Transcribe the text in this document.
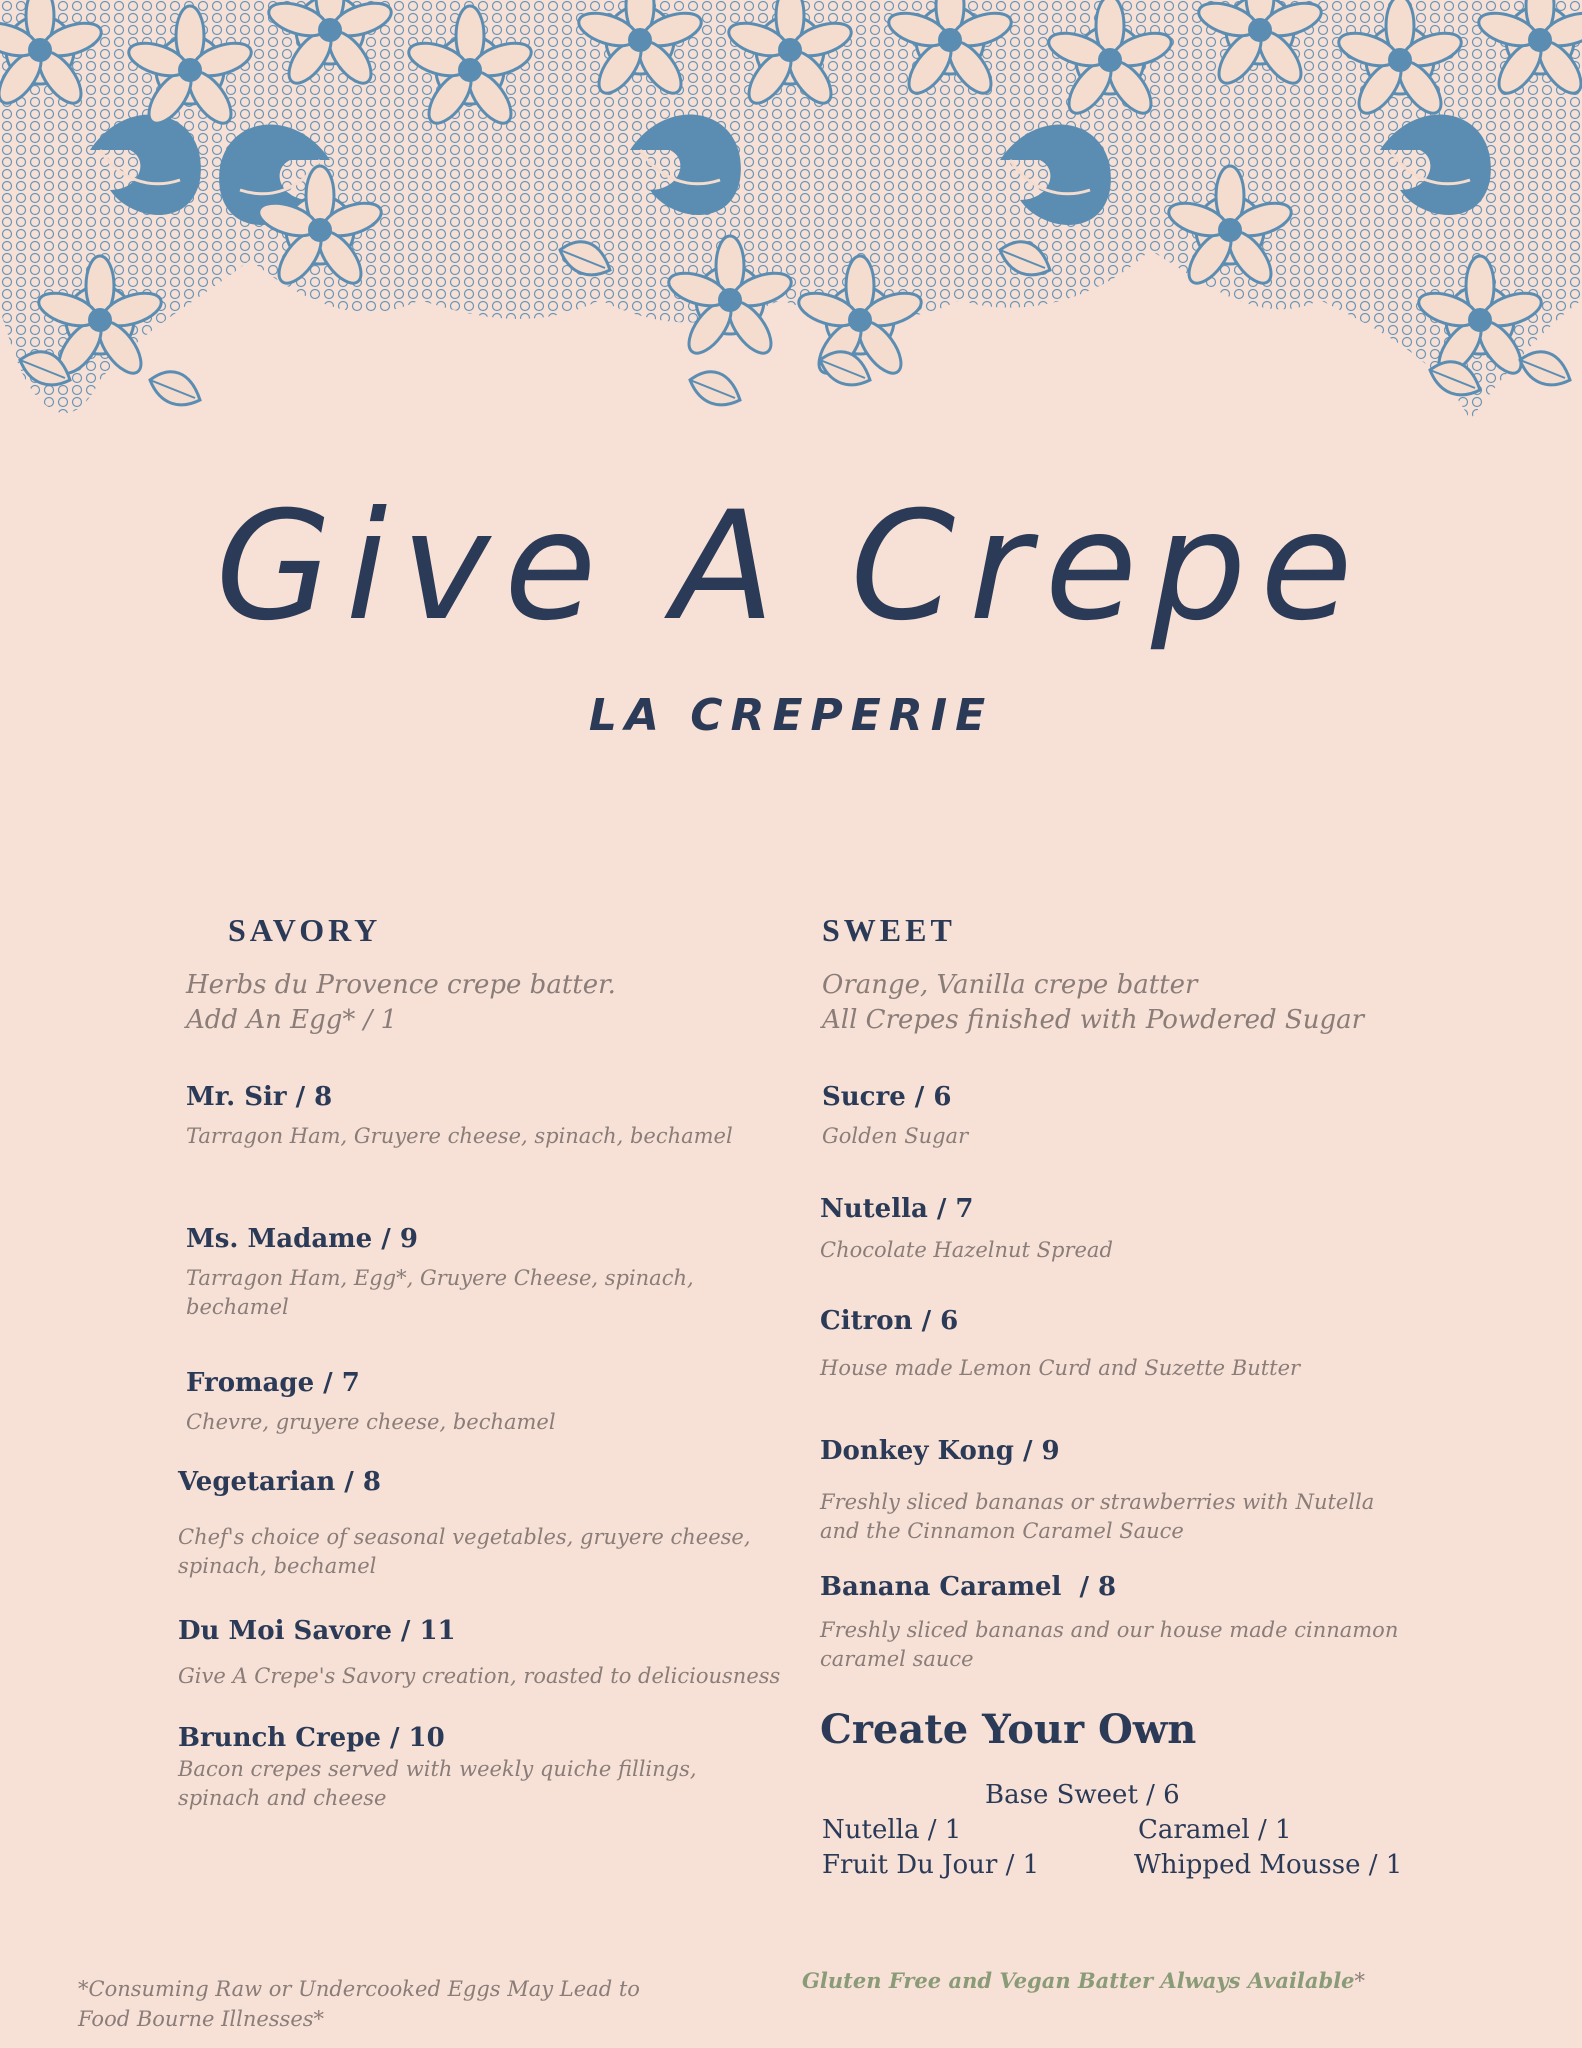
Give A Crepe
LA CREPERIE
SAVORY
Herbs du Provence crepe batter.
Add An Egg* / 1
Mr. Sir / 8
Tarragon Ham, Gruyere cheese, spinach, bechamel
Ms. Madame / 9
Tarragon Ham, Egg*, Gruyere Cheese, spinach, bechamel
Fromage / 7
Chevre, gruyere cheese, bechamel
Vegetarian / 8
Chef's choice of seasonal vegetables, gruyere cheese, spinach, bechamel
Du Moi Savore / 11
Give A Crepe's Savory creation, roasted to deliciousness
Brunch Crepe / 10
Bacon crepes served with weekly quiche fillings, spinach and cheese
SWEET
Orange, Vanilla crepe batter
All Crepes finished with Powdered Sugar
Sucre / 6
Golden Sugar
Nutella / 7
Chocolate Hazelnut Spread
Citron / 6
House made Lemon Curd and Suzette Butter
Donkey Kong / 9
Freshly sliced bananas or strawberries with Nutella and the Cinnamon Caramel Sauce
Banana Caramel  / 8
Freshly sliced bananas and our house made cinnamon caramel sauce
Create Your Own
Base Sweet / 6
Nutella / 1	Caramel / 1
Fruit Du Jour / 1	Whipped Mousse / 1
*Consuming Raw or Undercooked Eggs May Lead to
Food Bourne Illnesses*
Gluten Free and Vegan Batter Always Available*
